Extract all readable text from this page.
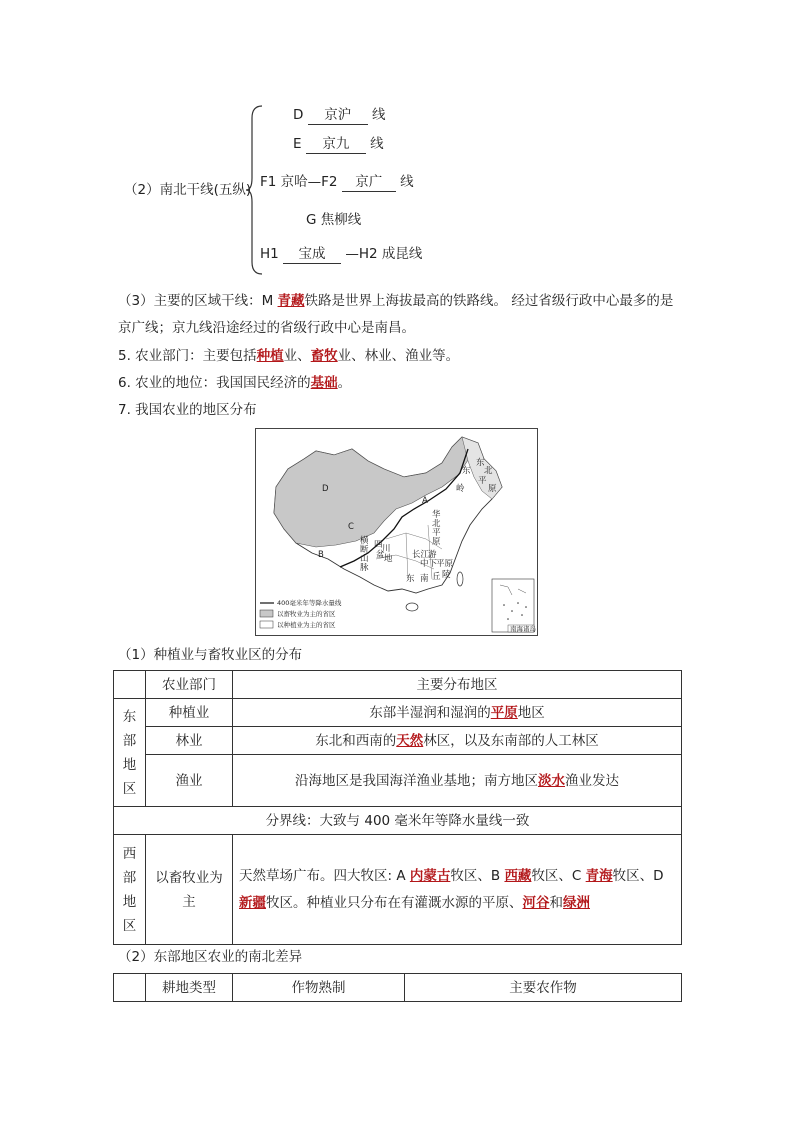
（2）南北干线(五纵)
D 京沪 线
E 京九 线
F1 京哈—F2 京广 线
G 焦柳线
H1 宝成 —H2 成昆线
（3）主要的区域干线：M 青藏铁路是世界上海拔最高的铁路线。 经过省级行政中心最多的是京广线；京九线沿途经过的省级行政中心是南昌。
5. 农业部门：主要包括种植业、畜牧业、林业、渔业等。
6. 农业的地位：我国国民经济的基础。
7. 我国农业的地区分布
D
A
C
B
东
北
平
原
东
岭
华
北
平
原
横
断
山
脉
长江
中下
游
平原
东 南 丘 陵
四 川
盆 地
400毫米年等降水量线
以畜牧业为主的省区
以种植业为主的省区	南海诸岛
（1）种植业与畜牧业区的分布
	农业部门	主要分布地区
东
部
地
区	种植业	东部半湿润和湿润的平原地区
	林业	东北和西南的天然林区，以及东南部的人工林区
	渔业	沿海地区是我国海洋渔业基地；南方地区淡水渔业发达
分界线：大致与 400 毫米年等降水量线一致		
西
部
地
区	以畜牧业为
主	天然草场广布。四大牧区: A 内蒙古牧区、B 西藏牧区、C 青海牧区、D 新疆牧区。种植业只分布在有灌溉水源的平原、河谷和绿洲
（2）东部地区农业的南北差异
	耕地类型	作物熟制	主要农作物
